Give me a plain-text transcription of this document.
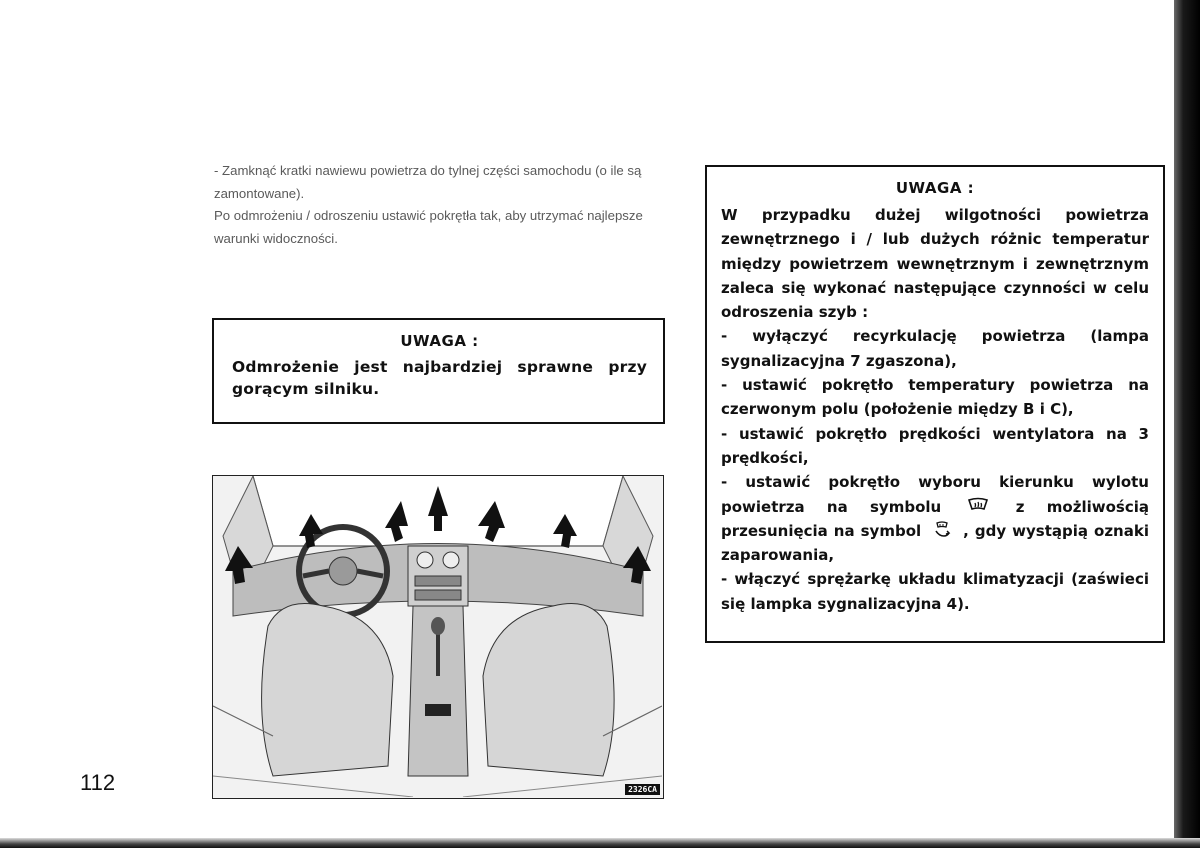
- Zamknąć kratki nawiewu powietrza do tylnej części samochodu (o ile są zamontowane).

Po odmrożeniu / odroszeniu ustawić pokrętła tak, aby utrzymać najlepsze warunki widoczności.

UWAGA :
Odmrożenie jest najbardziej sprawne przy gorącym silniku.
UWAGA :

W przypadku dużej wilgotności powietrza zewnętrznego i / lub dużych różnic temperatur między powietrzem wewnętrznym i zewnętrznym zaleca się wykonać następujące czynności w celu odroszenia szyb :

- wyłączyć recyrkulację powietrza (lampa sygnalizacyjna 7 zgaszona),

- ustawić pokrętło temperatury powietrza na czerwonym polu (położenie między B i C),

- ustawić pokrętło prędkości wentylatora na 3 prędkości,

- ustawić pokrętło wyboru kierunku wylotu powietrza na symbolu	z możliwością przesunięcia na symbol	, gdy wystąpią oznaki zaparowania,

- włączyć sprężarkę układu klimatyzacji (zaświeci się lampka sygnalizacyjna 4).

2326CA
112
